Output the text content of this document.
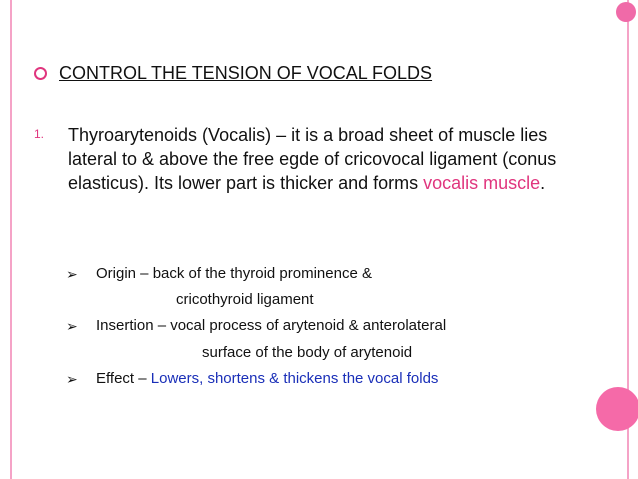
CONTROL THE TENSION OF VOCAL FOLDS
1. Thyroarytenoids (Vocalis) – it is a broad sheet of muscle lies lateral to & above the free egde of cricovocal ligament (conus elasticus). Its lower part is thicker and forms vocalis muscle.
➢ Origin – back of the thyroid prominence &
cricothyroid ligament
➢ Insertion – vocal process of arytenoid & anterolateral
surface of the body of arytenoid
➢ Effect – Lowers, shortens & thickens the vocal folds
